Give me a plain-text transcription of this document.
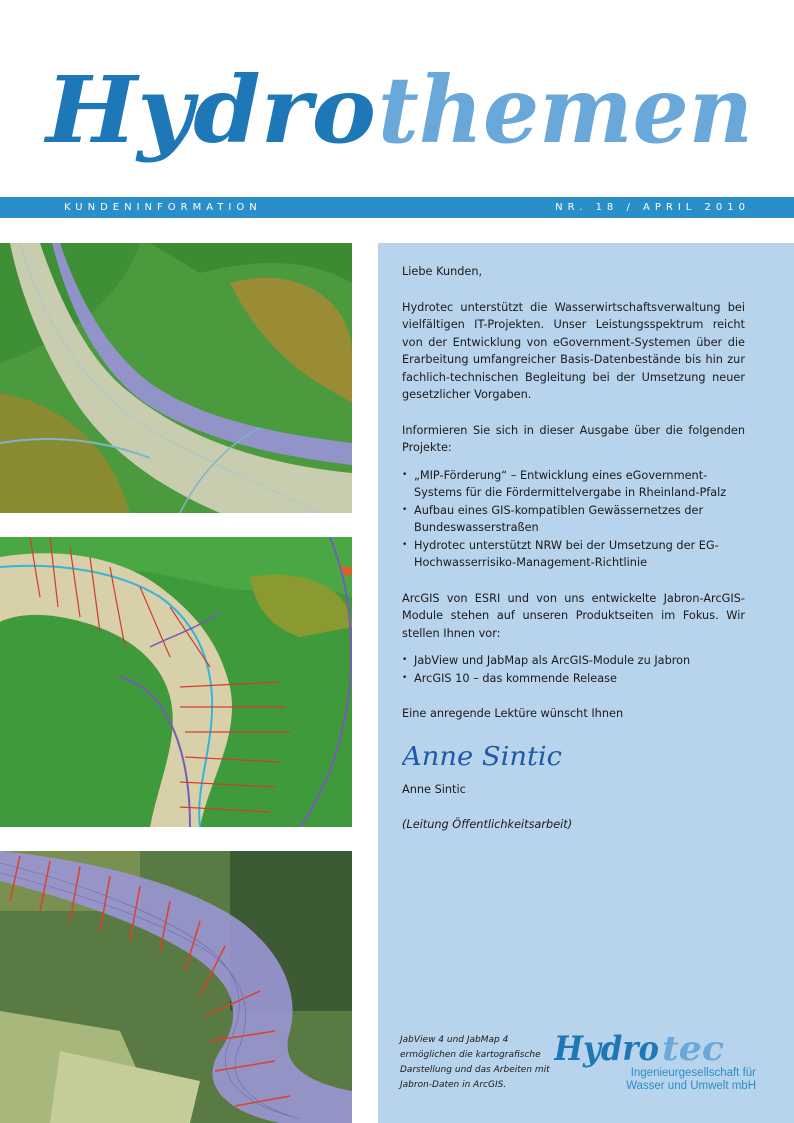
Hydro themen
KUNDENINFORMATION	NR. 18 / APRIL 2010

Liebe Kunden,

Hydrotec unterstützt die Wasserwirtschaftsverwaltung bei vielfältigen IT-Projekten. Unser Leistungsspektrum reicht von der Entwicklung von eGovernment-Systemen über die Erarbeitung umfangreicher Basis-Datenbestände bis hin zur fachlich-technischen Begleitung bei der Umsetzung neuer gesetzlicher Vorgaben.

Informieren Sie sich in dieser Ausgabe über die folgenden Projekte:

• „MIP-Förderung“ – Entwicklung eines eGovernment-Systems für die Fördermittelvergabe in Rheinland-Pfalz
• Aufbau eines GIS-kompatiblen Gewässernetzes der Bundeswasserstraßen
• Hydrotec unterstützt NRW bei der Umsetzung der EG-Hochwasserrisiko-Management-Richtlinie

ArcGIS von ESRI und von uns entwickelte Jabron-ArcGIS-Module stehen auf unseren Produktseiten im Fokus. Wir stellen Ihnen vor:

• JabView und JabMap als ArcGIS-Module zu Jabron
• ArcGIS 10 – das kommende Release

Eine anregende Lektüre wünscht Ihnen

Anne Sintic

Anne Sintic

(Leitung Öffentlichkeitsarbeit)

JabView 4 und JabMap 4 ermöglichen die kartografische Darstellung und das Arbeiten mit Jabron-Daten in ArcGIS.
Hydro tec
Ingenieurgesellschaft für
Wasser und Umwelt mbH
